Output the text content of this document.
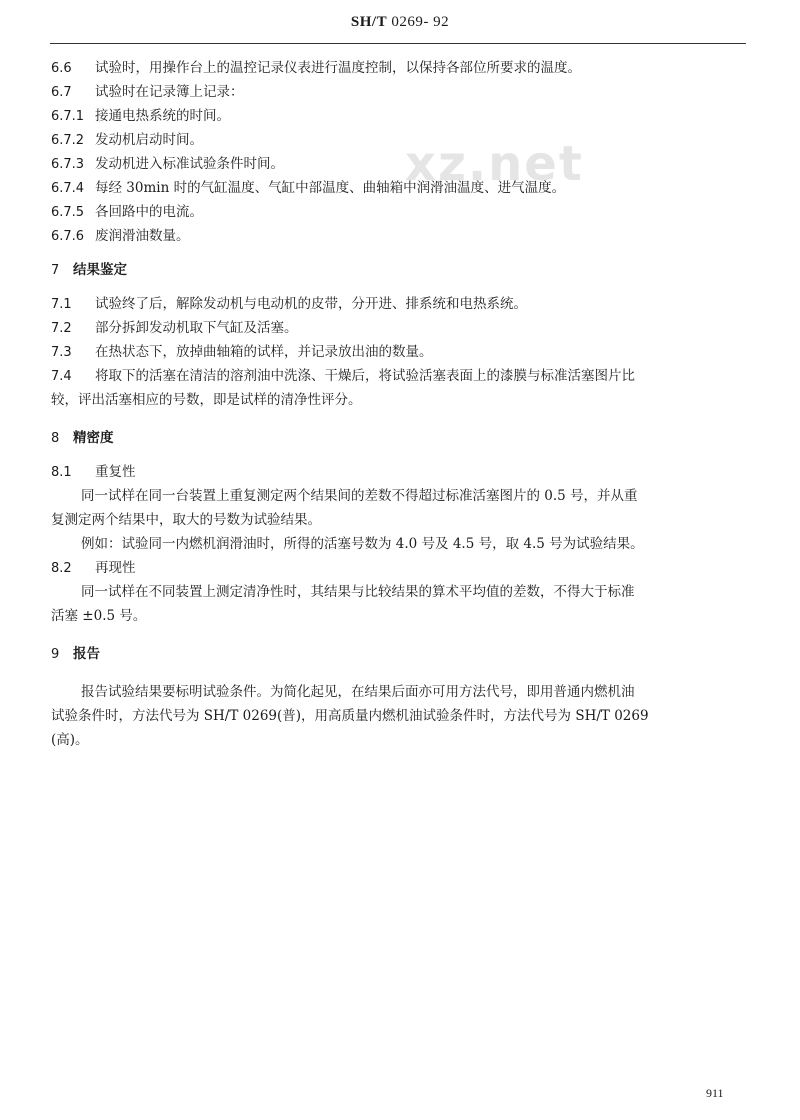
SH/T 0269- 92
xz.net
6.6 试验时，用操作台上的温控记录仪表进行温度控制，以保持各部位所要求的温度。
6.7 试验时在记录簿上记录：
6.7.1 接通电热系统的时间。
6.7.2 发动机启动时间。
6.7.3 发动机进入标准试验条件时间。
6.7.4 每经 30min 时的气缸温度、气缸中部温度、曲轴箱中润滑油温度、进气温度。
6.7.5 各回路中的电流。
6.7.6 废润滑油数量。
7 结果鉴定
7.1 试验终了后，解除发动机与电动机的皮带，分开进、排系统和电热系统。
7.2 部分拆卸发动机取下气缸及活塞。
7.3 在热状态下，放掉曲轴箱的试样，并记录放出油的数量。
7.4 将取下的活塞在清洁的溶剂油中洗涤、干燥后，将试验活塞表面上的漆膜与标准活塞图片比
较，评出活塞相应的号数，即是试样的清净性评分。
8 精密度
8.1 重复性
同一试样在同一台装置上重复测定两个结果间的差数不得超过标准活塞图片的 0.5 号，并从重
复测定两个结果中，取大的号数为试验结果。
例如：试验同一内燃机润滑油时，所得的活塞号数为 4.0 号及 4.5 号，取 4.5 号为试验结果。
8.2 再现性
同一试样在不同装置上测定清净性时，其结果与比较结果的算术平均值的差数，不得大于标准
活塞 ±0.5 号。
9 报告
报告试验结果要标明试验条件。为简化起见，在结果后面亦可用方法代号，即用普通内燃机油
试验条件时，方法代号为 SH/T 0269(普)，用高质量内燃机油试验条件时，方法代号为 SH/T 0269
(高)。
911
